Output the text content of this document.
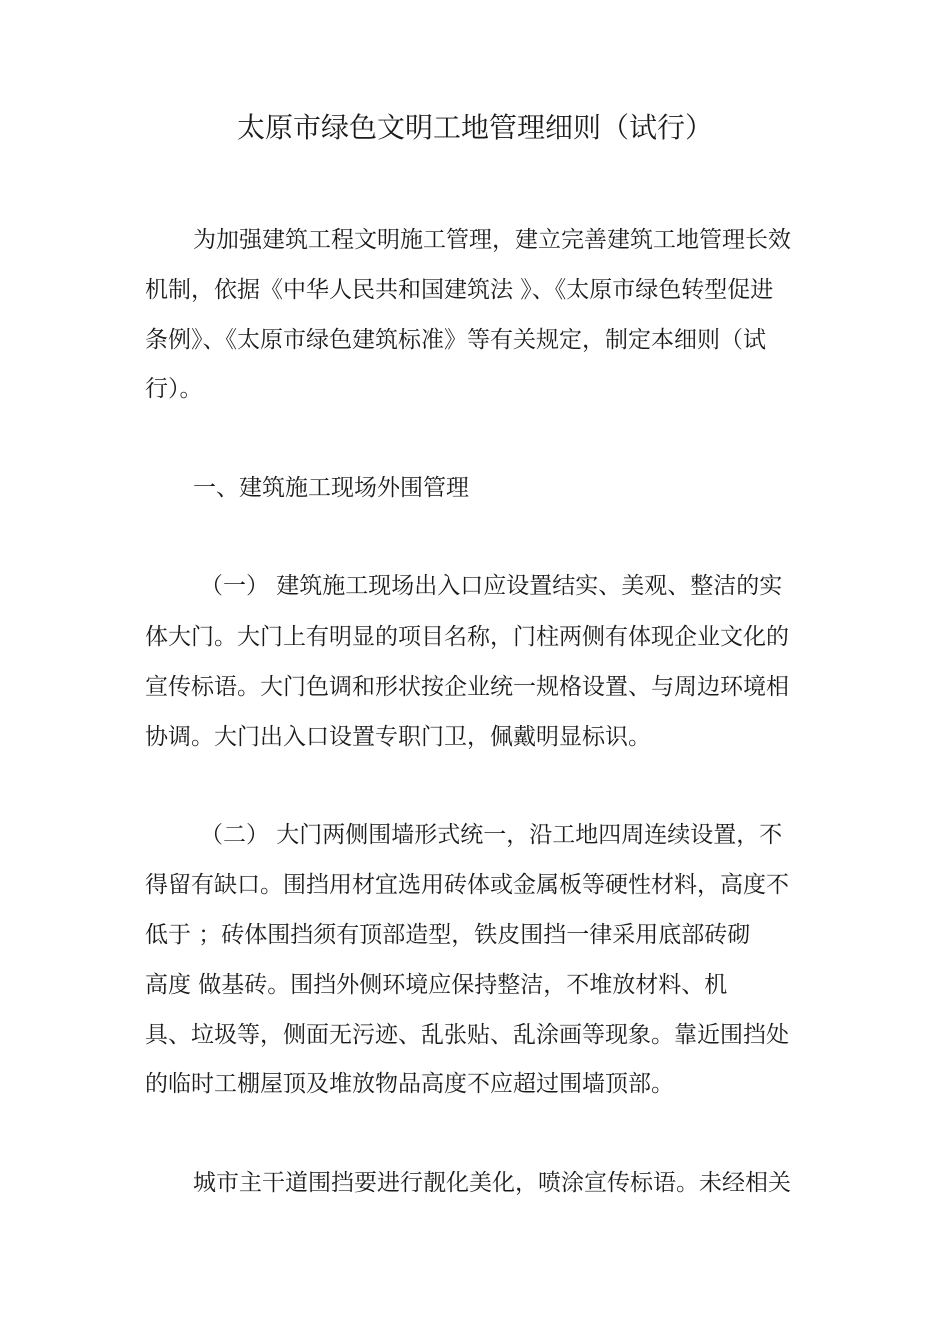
太原市绿色文明工地管理细则（试行）
为加强建筑工程文明施工管理，建立完善建筑工地管理长效
机制，依据《中华人民共和国建筑法 》、《太原市绿色转型促进
条例》、《太原市绿色建筑标准》等有关规定，制定本细则（试
行）。
一、建筑施工现场外围管理
（一） 建筑施工现场出入口应设置结实、美观、整洁的实
体大门。大门上有明显的项目名称，门柱两侧有体现企业文化的
宣传标语。大门色调和形状按企业统一规格设置、与周边环境相
协调。大门出入口设置专职门卫，佩戴明显标识。
（二） 大门两侧围墙形式统一，沿工地四周连续设置，不
得留有缺口。围挡用材宜选用砖体或金属板等硬性材料，高度不
低于 ；砖体围挡须有顶部造型，铁皮围挡一律采用底部砖砌
高度 做基砖。围挡外侧环境应保持整洁，不堆放材料、机
具、垃圾等，侧面无污迹、乱张贴、乱涂画等现象。靠近围挡处
的临时工棚屋顶及堆放物品高度不应超过围墙顶部。
城市主干道围挡要进行靓化美化，喷涂宣传标语。未经相关
